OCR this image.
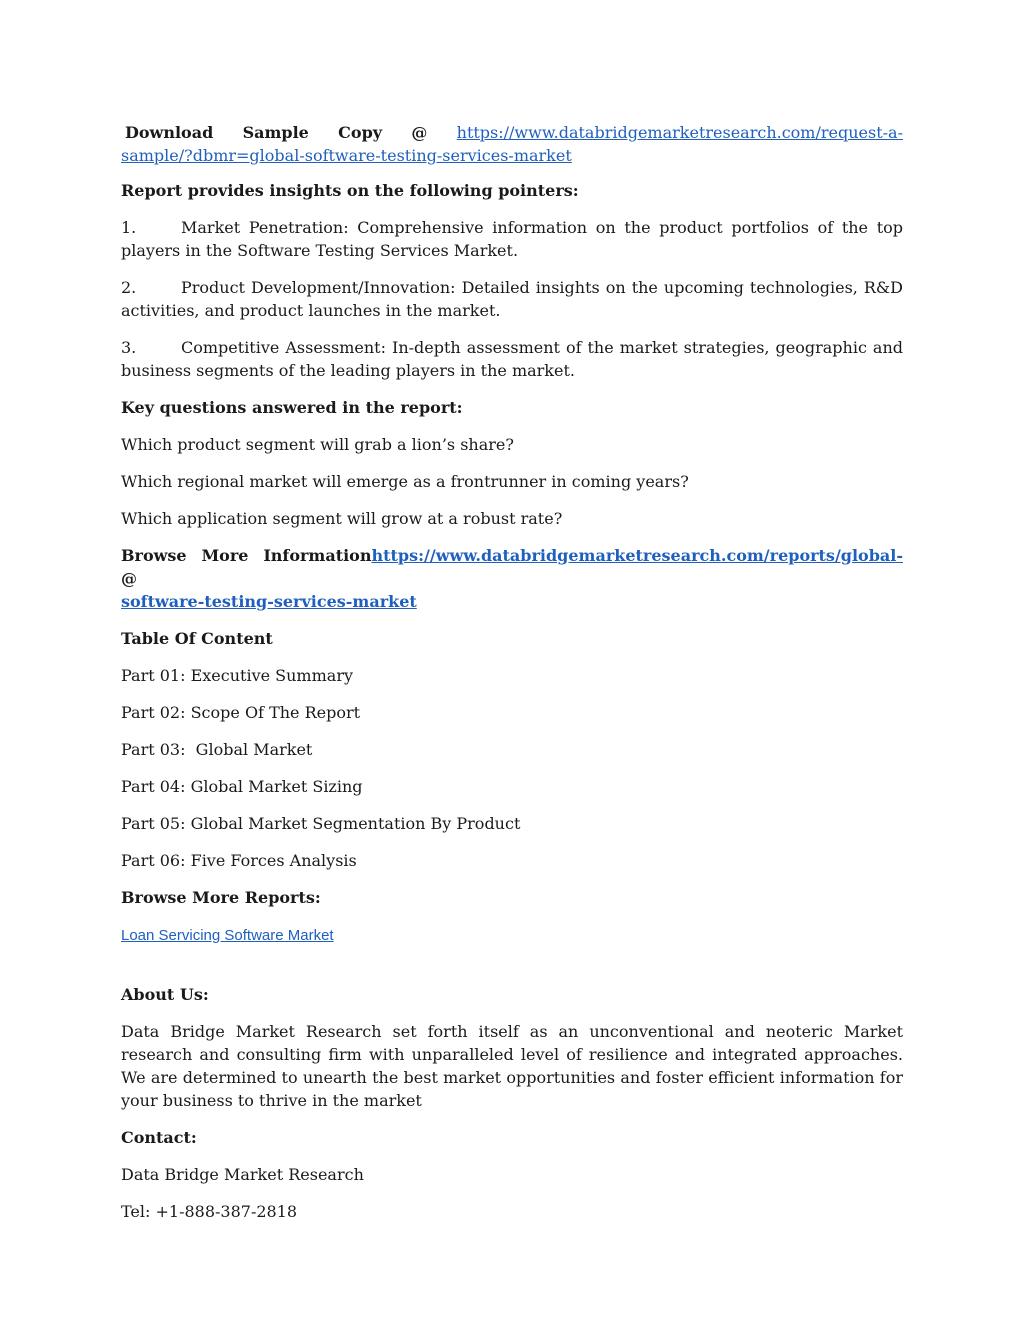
Download Sample Copy @ https://www.databridgemarketresearch.com/request-a-
sample/?dbmr=global-software-testing-services-market

Report provides insights on the following pointers:

1.	Market Penetration: Comprehensive information on the product portfolios of the top players in the Software Testing Services Market.

2.	Product Development/Innovation: Detailed insights on the upcoming technologies, R&D activities, and product launches in the market.

3.	Competitive Assessment: In-depth assessment of the market strategies, geographic and business segments of the leading players in the market.

Key questions answered in the report:

Which product segment will grab a lion’s share?

Which regional market will emerge as a frontrunner in coming years?

Which application segment will grow at a robust rate?

Browse More Information @
https://www.databridgemarketresearch.com/reports/global-
software-testing-services-market

Table Of Content

Part 01: Executive Summary

Part 02: Scope Of The Report

Part 03:  Global Market

Part 04: Global Market Sizing

Part 05: Global Market Segmentation By Product

Part 06: Five Forces Analysis

Browse More Reports:

Loan Servicing Software Market

About Us:

Data Bridge Market Research set forth itself as an unconventional and neoteric Market research and consulting firm with unparalleled level of resilience and integrated approaches. We are determined to unearth the best market opportunities and foster efficient information for your business to thrive in the market

Contact:

Data Bridge Market Research

Tel: +1-888-387-2818
